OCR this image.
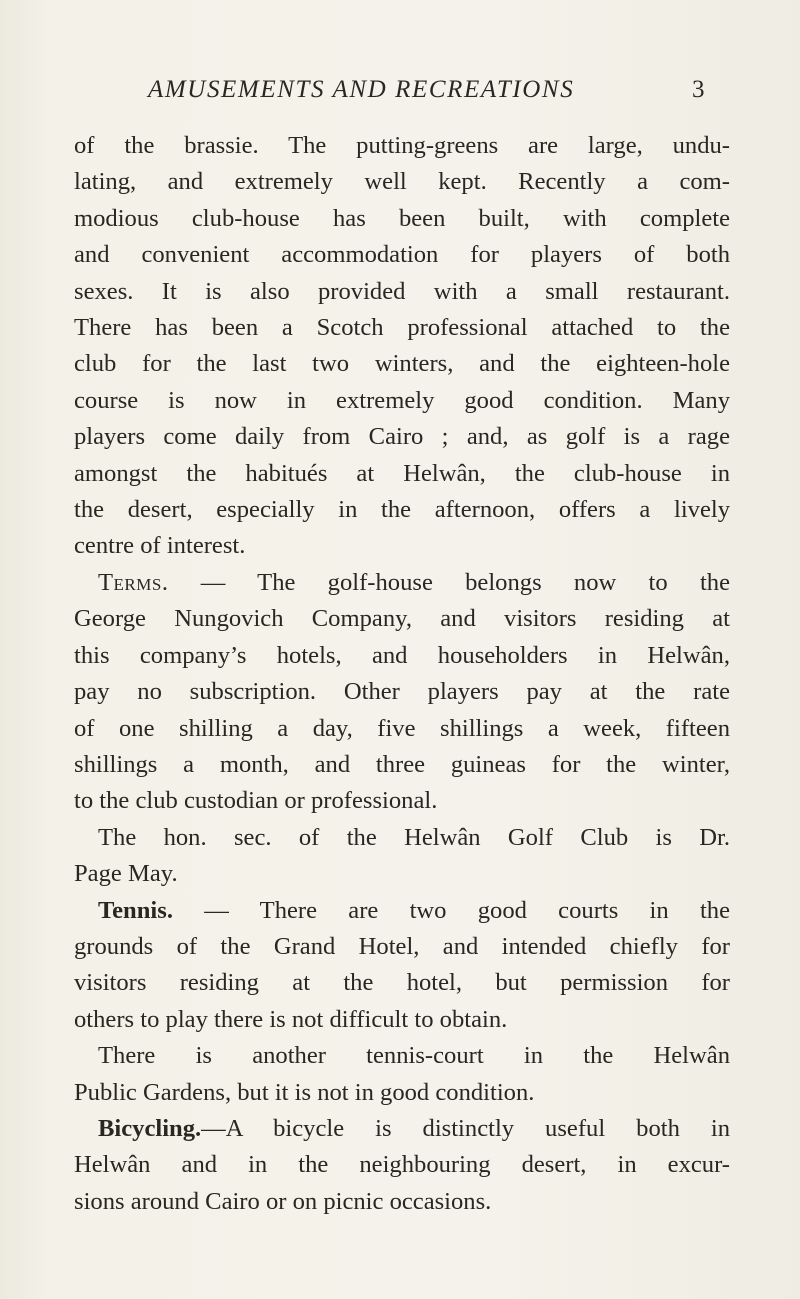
AMUSEMENTS AND RECREATIONS	3

of the brassie. The putting-greens are large, undu-
lating, and extremely well kept. Recently a com-
modious club-house has been built, with complete
and convenient accommodation for players of both
sexes. It is also provided with a small restaurant.
There has been a Scotch professional attached to the
club for the last two winters, and the eighteen-hole
course is now in extremely good condition. Many
players come daily from Cairo ; and, as golf is a rage
amongst the habitués at Helwân, the club-house in
the desert, especially in the afternoon, offers a lively
centre of interest.

Terms. — The golf-house belongs now to the
George Nungovich Company, and visitors residing at
this company’s hotels, and householders in Helwân,
pay no subscription. Other players pay at the rate
of one shilling a day, five shillings a week, fifteen
shillings a month, and three guineas for the winter,
to the club custodian or professional.

The hon. sec. of the Helwân Golf Club is Dr.
Page May.

Tennis. — There are two good courts in the
grounds of the Grand Hotel, and intended chiefly for
visitors residing at the hotel, but permission for
others to play there is not difficult to obtain.

There is another tennis-court in the Helwân
Public Gardens, but it is not in good condition.

Bicycling.—A bicycle is distinctly useful both in
Helwân and in the neighbouring desert, in excur-
sions around Cairo or on picnic occasions.
